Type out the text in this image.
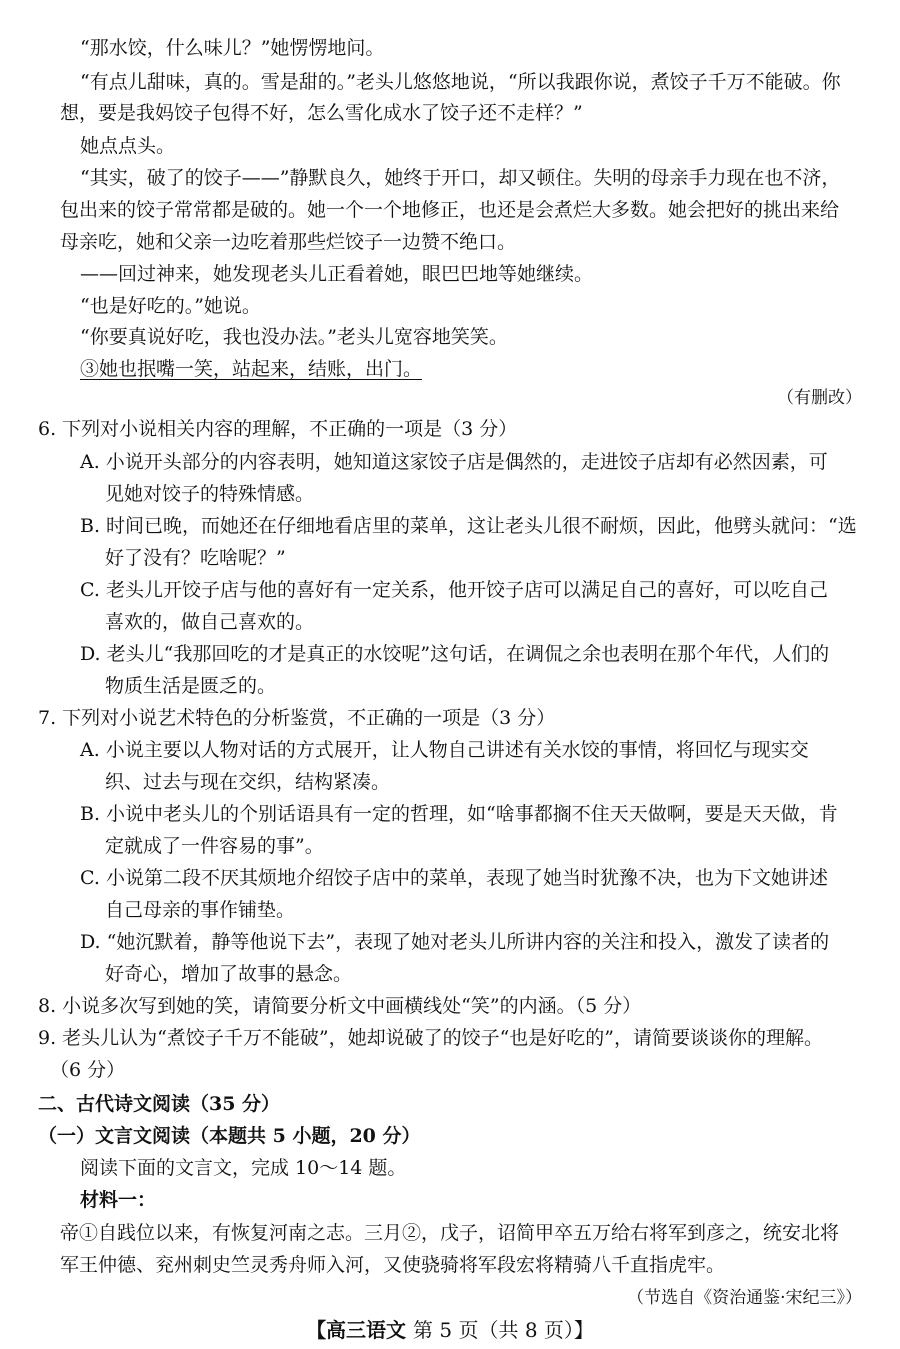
“那水饺，什么味儿？”她愣愣地问。
“有点儿甜味，真的。雪是甜的。”老头儿悠悠地说，“所以我跟你说，煮饺子千万不能破。你
想，要是我妈饺子包得不好，怎么雪化成水了饺子还不走样？”
她点点头。
“其实，破了的饺子——”静默良久，她终于开口，却又顿住。失明的母亲手力现在也不济，
包出来的饺子常常都是破的。她一个一个地修正，也还是会煮烂大多数。她会把好的挑出来给
母亲吃，她和父亲一边吃着那些烂饺子一边赞不绝口。
——回过神来，她发现老头儿正看着她，眼巴巴地等她继续。
“也是好吃的。”她说。
“你要真说好吃，我也没办法。”老头儿宽容地笑笑。
③她也抿嘴一笑，站起来，结账，出门。
（有删改）
6. 下列对小说相关内容的理解，不正确的一项是（3 分）
A. 小说开头部分的内容表明，她知道这家饺子店是偶然的，走进饺子店却有必然因素，可
见她对饺子的特殊情感。
B. 时间已晚，而她还在仔细地看店里的菜单，这让老头儿很不耐烦，因此，他劈头就问：“选
好了没有？吃啥呢？”
C. 老头儿开饺子店与他的喜好有一定关系，他开饺子店可以满足自己的喜好，可以吃自己
喜欢的，做自己喜欢的。
D. 老头儿“我那回吃的才是真正的水饺呢”这句话，在调侃之余也表明在那个年代，人们的
物质生活是匮乏的。
7. 下列对小说艺术特色的分析鉴赏，不正确的一项是（3 分）
A. 小说主要以人物对话的方式展开，让人物自己讲述有关水饺的事情，将回忆与现实交
织、过去与现在交织，结构紧凑。
B. 小说中老头儿的个别话语具有一定的哲理，如“啥事都搁不住天天做啊，要是天天做，肯
定就成了一件容易的事”。
C. 小说第二段不厌其烦地介绍饺子店中的菜单，表现了她当时犹豫不决，也为下文她讲述
自己母亲的事作铺垫。
D. “她沉默着，静等他说下去”，表现了她对老头儿所讲内容的关注和投入，激发了读者的
好奇心，增加了故事的悬念。
8. 小说多次写到她的笑，请简要分析文中画横线处“笑”的内涵。（5 分）
9. 老头儿认为“煮饺子千万不能破”，她却说破了的饺子“也是好吃的”，请简要谈谈你的理解。
（6 分）
二、古代诗文阅读（35 分）
（一）文言文阅读（本题共 5 小题，20 分）
阅读下面的文言文，完成 10～14 题。
材料一：
帝①自践位以来，有恢复河南之志。三月②，戊子，诏简甲卒五万给右将军到彦之，统安北将
军王仲德、兖州刺史竺灵秀舟师入河，又使骁骑将军段宏将精骑八千直指虎牢。
（节选自《资治通鉴·宋纪三》）
【高三语文 第 5 页（共 8 页）】
